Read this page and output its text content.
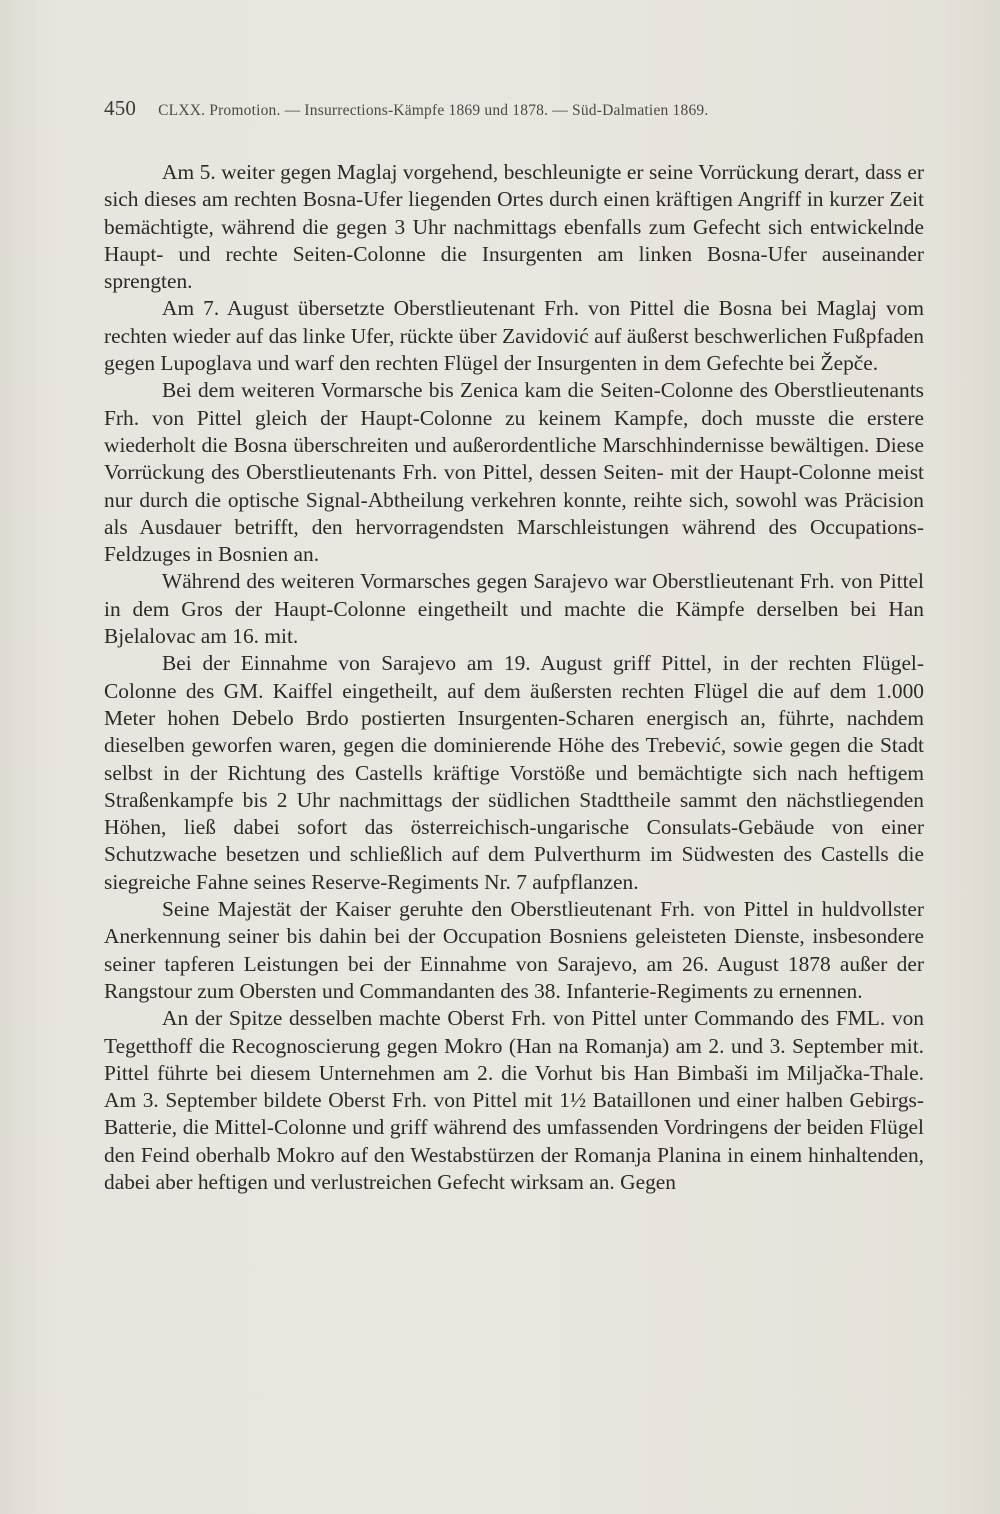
450 CLXX. Promotion. — Insurrections-Kämpfe 1869 und 1878. — Süd-Dalmatien 1869.

Am 5. weiter gegen Maglaj vorgehend, beschleunigte er seine Vorrückung derart, dass er sich dieses am rechten Bosna-Ufer liegenden Ortes durch einen kräftigen Angriff in kurzer Zeit bemächtigte, während die gegen 3 Uhr nachmittags ebenfalls zum Gefecht sich entwickelnde Haupt- und rechte Seiten-Colonne die Insurgenten am linken Bosna-Ufer auseinander sprengten.

Am 7. August übersetzte Oberstlieutenant Frh. von Pittel die Bosna bei Maglaj vom rechten wieder auf das linke Ufer, rückte über Zavidović auf äußerst beschwerlichen Fußpfaden gegen Lupoglava und warf den rechten Flügel der Insurgenten in dem Gefechte bei Žepče.

Bei dem weiteren Vormarsche bis Zenica kam die Seiten-Colonne des Oberstlieutenants Frh. von Pittel gleich der Haupt-Colonne zu keinem Kampfe, doch musste die erstere wiederholt die Bosna überschreiten und außerordentliche Marschhindernisse bewältigen. Diese Vorrückung des Oberstlieutenants Frh. von Pittel, dessen Seiten- mit der Haupt-Colonne meist nur durch die optische Signal-Abtheilung verkehren konnte, reihte sich, sowohl was Präcision als Ausdauer betrifft, den hervorragendsten Marschleistungen während des Occupations-Feldzuges in Bosnien an.

Während des weiteren Vormarsches gegen Sarajevo war Oberstlieutenant Frh. von Pittel in dem Gros der Haupt-Colonne eingetheilt und machte die Kämpfe derselben bei Han Bjelalovac am 16. mit.

Bei der Einnahme von Sarajevo am 19. August griff Pittel, in der rechten Flügel-Colonne des GM. Kaiffel eingetheilt, auf dem äußersten rechten Flügel die auf dem 1.000 Meter hohen Debelo Brdo postierten Insurgenten-Scharen energisch an, führte, nachdem dieselben geworfen waren, gegen die dominierende Höhe des Trebević, sowie gegen die Stadt selbst in der Richtung des Castells kräftige Vorstöße und bemächtigte sich nach heftigem Straßenkampfe bis 2 Uhr nachmittags der südlichen Stadttheile sammt den nächstliegenden Höhen, ließ dabei sofort das österreichisch-ungarische Consulats-Gebäude von einer Schutzwache besetzen und schließlich auf dem Pulverthurm im Südwesten des Castells die siegreiche Fahne seines Reserve-Regiments Nr. 7 aufpflanzen.

Seine Majestät der Kaiser geruhte den Oberstlieutenant Frh. von Pittel in huldvollster Anerkennung seiner bis dahin bei der Occupation Bosniens geleisteten Dienste, insbesondere seiner tapferen Leistungen bei der Einnahme von Sarajevo, am 26. August 1878 außer der Rangstour zum Obersten und Commandanten des 38. Infanterie-Regiments zu ernennen.

An der Spitze desselben machte Oberst Frh. von Pittel unter Commando des FML. von Tegetthoff die Recognoscierung gegen Mokro (Han na Romanja) am 2. und 3. September mit. Pittel führte bei diesem Unternehmen am 2. die Vorhut bis Han Bimbaši im Miljačka-Thale. Am 3. September bildete Oberst Frh. von Pittel mit 1½ Bataillonen und einer halben Gebirgs-Batterie, die Mittel-Colonne und griff während des umfassenden Vordringens der beiden Flügel den Feind oberhalb Mokro auf den Westabstürzen der Romanja Planina in einem hinhaltenden, dabei aber heftigen und verlustreichen Gefecht wirksam an. Gegen
